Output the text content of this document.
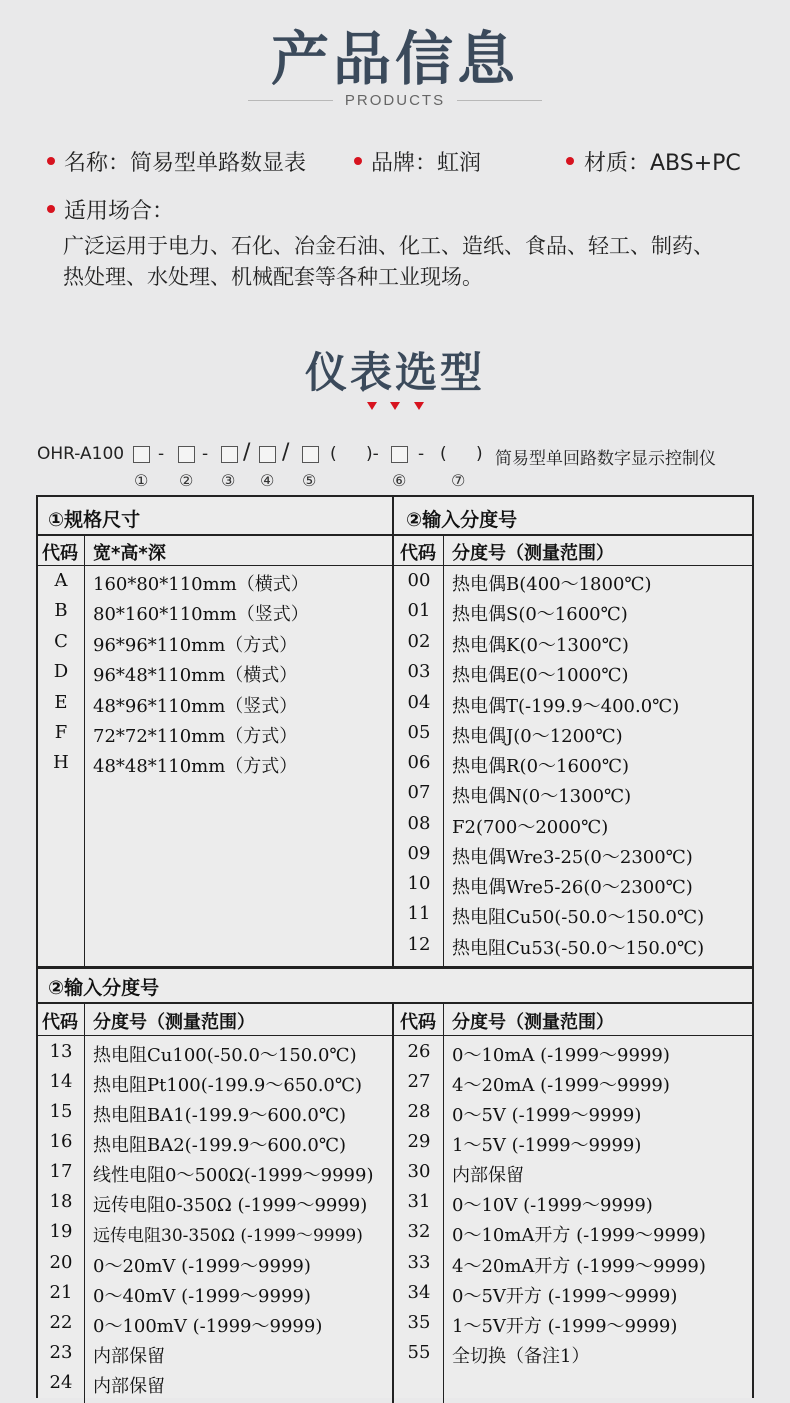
产品信息
PRODUCTS
名称：简易型单路数显表	品牌：虹润	材质：ABS+PC
适用场合：
广泛运用于电力、石化、冶金石油、化工、造纸、食品、轻工、制药、
热处理、水处理、机械配套等各种工业现场。
仪表选型
OHR-A100 - - / / ( )- - ( ) 简易型单回路数字显示控制仪
① ② ③ ④ ⑤	⑥	⑦
①规格尺寸	②输入分度号
②输入分度号
代码 宽*高*深	代码 分度号（测量范围）
代码 分度号（测量范围）	代码 分度号（测量范围）
A	160*80*110mm（横式）
B	80*160*110mm（竖式）
C	96*96*110mm（方式）
D	96*48*110mm（横式）
E	48*96*110mm（竖式）
F	72*72*110mm（方式）
H	48*48*110mm（方式）
00	热电偶B(400～1800℃)
01	热电偶S(0～1600℃)
02	热电偶K(0～1300℃)
03	热电偶E(0～1000℃)
04	热电偶T(-199.9～400.0℃)
05	热电偶J(0～1200℃)
06	热电偶R(0～1600℃)
07	热电偶N(0～1300℃)
08	F2(700～2000℃)
09	热电偶Wre3-25(0～2300℃)
10	热电偶Wre5-26(0～2300℃)
11	热电阻Cu50(-50.0～150.0℃)
12	热电阻Cu53(-50.0～150.0℃)
13	热电阻Cu100(-50.0～150.0℃)
14	热电阻Pt100(-199.9～650.0℃)
15	热电阻BA1(-199.9～600.0℃)
16	热电阻BA2(-199.9～600.0℃)
17	线性电阻0～500Ω(-1999～9999)
18	远传电阻0-350Ω (-1999～9999)
19	远传电阻30-350Ω (-1999～9999)
20	0～20mV (-1999～9999)
21	0～40mV (-1999～9999)
22	0～100mV (-1999～9999)
23	内部保留
24	内部保留
26	0～10mA (-1999～9999)
27	4～20mA (-1999～9999)
28	0～5V (-1999～9999)
29	1～5V (-1999～9999)
30	内部保留
31	0～10V (-1999～9999)
32	0～10mA开方 (-1999～9999)
33	4～20mA开方 (-1999～9999)
34	0～5V开方 (-1999～9999)
35	1～5V开方 (-1999～9999)
55	全切换（备注1）
